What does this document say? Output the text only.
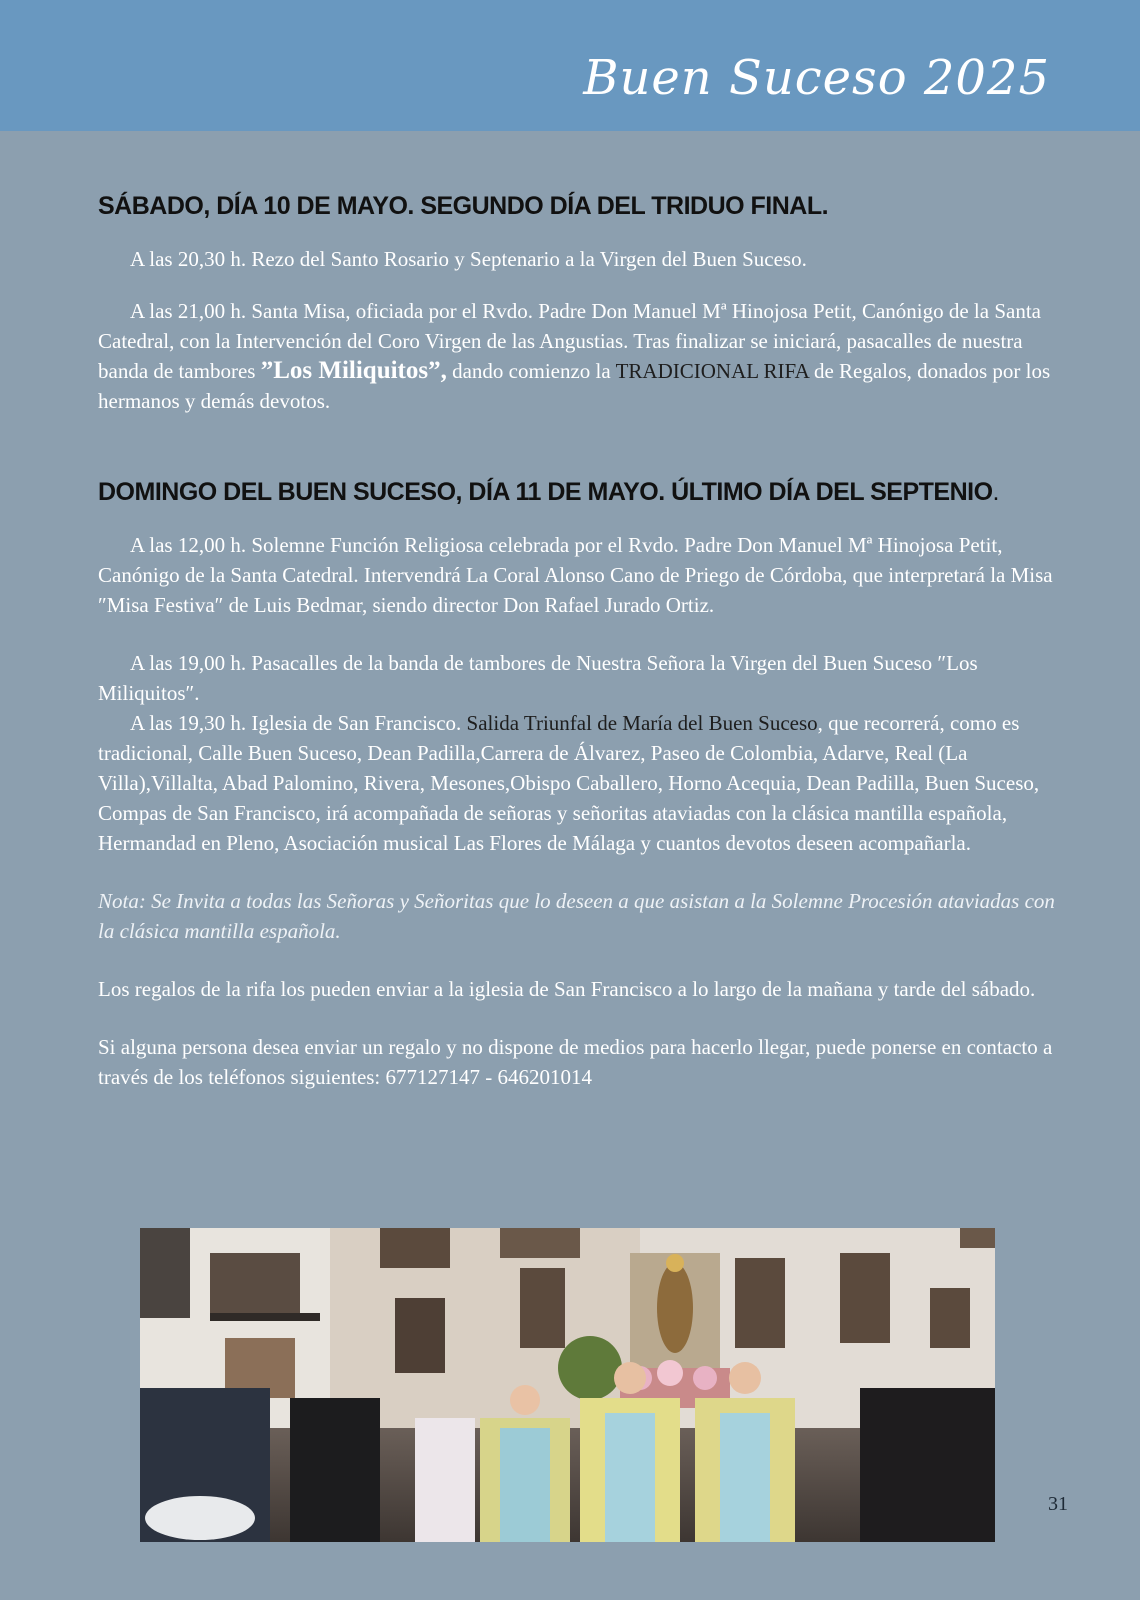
Buen Suceso 2025
SÁBADO, DÍA 10 DE MAYO. SEGUNDO DÍA DEL TRIDUO FINAL.

A las 20,30 h. Rezo del Santo Rosario y Septenario a la Virgen del Buen Suceso.

A las 21,00 h. Santa Misa, oficiada por el Rvdo. Padre Don Manuel Mª Hinojosa Petit, Canónigo de la Santa Catedral, con la Intervención del Coro Virgen de las Angustias. Tras finalizar se iniciará, pasacalles de nuestra banda de tambores ”Los Miliquitos”, dando comienzo la TRADICIONAL RIFA de Regalos, donados por los hermanos y demás devotos.

DOMINGO DEL BUEN SUCESO, DÍA 11 DE MAYO. ÚLTIMO DÍA DEL SEPTENIO.

A las 12,00 h. Solemne Función Religiosa celebrada por el Rvdo. Padre Don Manuel Mª Hinojosa Petit, Canónigo de la Santa Catedral. Intervendrá La Coral Alonso Cano de Priego de Córdoba, que interpretará la Misa ″Misa Festiva″ de Luis Bedmar, siendo director Don Rafael Jurado Ortiz.

A las 19,00 h. Pasacalles de la banda de tambores de Nuestra Señora la Virgen del Buen Suceso ″Los Miliquitos″.

A las 19,30 h. Iglesia de San Francisco. Salida Triunfal de María del Buen Suceso, que recorrerá, como es tradicional, Calle Buen Suceso, Dean Padilla,Carrera de Álvarez, Paseo de Colombia, Adarve, Real (La Villa),Villalta, Abad Palomino, Rivera, Mesones,Obispo Caballero, Horno Acequia, Dean Padilla, Buen Suceso, Compas de San Francisco, irá acompañada de señoras y señoritas ataviadas con la clásica mantilla española, Hermandad en Pleno, Asociación musical Las Flores de Málaga y cuantos devotos deseen acompañarla.

Nota: Se Invita a todas las Señoras y Señoritas que lo deseen a que asistan a la Solemne Procesión ataviadas con la clásica mantilla española.

Los regalos de la rifa los pueden enviar a la iglesia de San Francisco a lo largo de la mañana y tarde del sábado.

Si alguna persona desea enviar un regalo y no dispone de medios para hacerlo llegar, puede ponerse en contacto a través de los teléfonos siguientes: 677127147 - 646201014

31
